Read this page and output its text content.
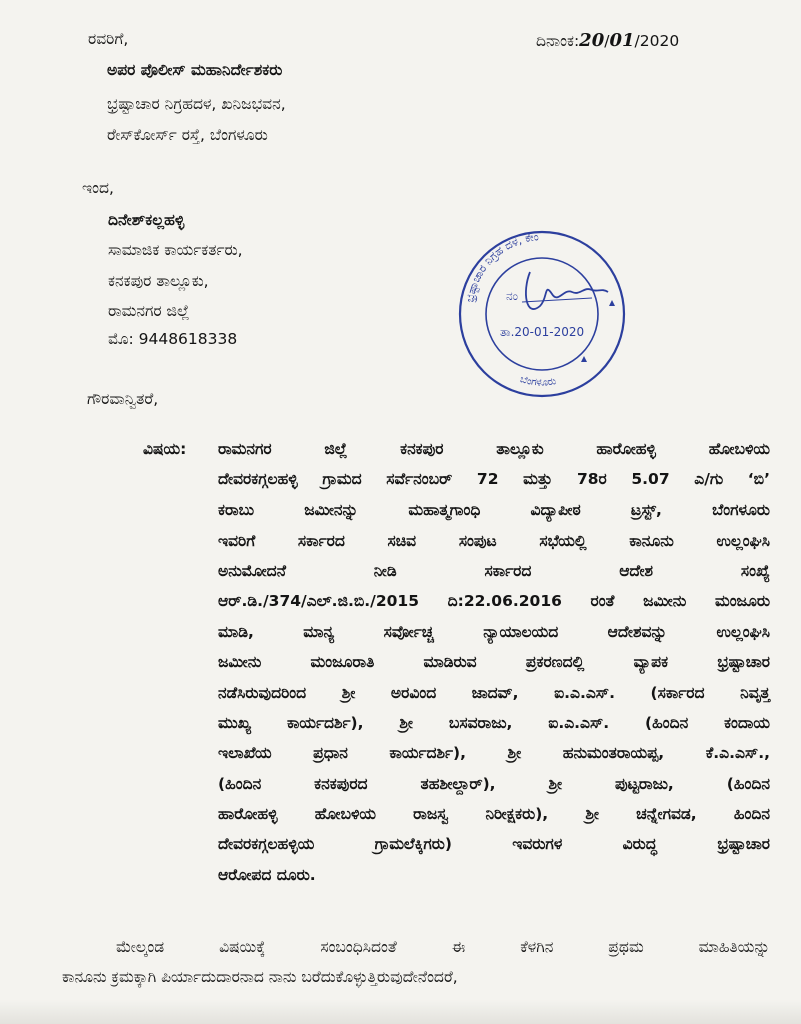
ರವರಿಗೆ,	ದಿನಾಂಕ:20/01/2020
ಅಪರ ಪೊಲೀಸ್ ಮಹಾನಿರ್ದೇಶಕರು
ಭ್ರಷ್ಟಾಚಾರ ನಿಗ್ರಹದಳ, ಖನಿಜಭವನ,
ರೇಸ್‌ಕೋರ್ಸ್ ರಸ್ತೆ, ಬೆಂಗಳೂರು
ಇಂದ,
ದಿನೇಶ್‌ಕಲ್ಲಹಳ್ಳಿ
ಸಾಮಾಜಿಕ ಕಾರ್ಯಕರ್ತರು,
ಕನಕಪುರ ತಾಲ್ಲೂಕು,
ರಾಮನಗರ ಜಿಲ್ಲೆ
ಮೊ: 9448618338
ಭ್ರಷ್ಟಾಚಾರ ನಿಗ್ರಹ ದಳ, ಕೇಂ
ಬೆಂಗಳೂರು
ನಂ
ತಾ.20-01-2020
ಗೌರವಾನ್ವಿತರೆ,
ವಿಷಯ: ರಾಮನಗರ ಜಿಲ್ಲೆ ಕನಕಪುರ ತಾಲ್ಲೂಕು ಹಾರೋಹಳ್ಳಿ ಹೋಬಳಿಯ
ದೇವರಕಗ್ಗಲಹಳ್ಳಿ ಗ್ರಾಮದ ಸರ್ವೆನಂಬರ್ 72 ಮತ್ತು 78ರ 5.07 ಎ/ಗು ‘ಬಿ’
ಕರಾಬು ಜಮೀನನ್ನು ಮಹಾತ್ಮಗಾಂಧಿ ವಿದ್ಯಾಪೀಠ ಟ್ರಸ್ಟ್, ಬೆಂಗಳೂರು
ಇವರಿಗೆ ಸರ್ಕಾರದ ಸಚಿವ ಸಂಪುಟ ಸಭೆಯಲ್ಲಿ ಕಾನೂನು ಉಲ್ಲಂಘಿಸಿ
ಅನುಮೋದನೆ ನೀಡಿ ಸರ್ಕಾರದ ಆದೇಶ ಸಂಖ್ಯೆ
ಆರ್.ಡಿ./374/ಎಲ್.ಜಿ.ಬಿ./2015 ದಿ:22.06.2016 ರಂತೆ ಜಮೀನು ಮಂಜೂರು
ಮಾಡಿ, ಮಾನ್ಯ ಸರ್ವೋಚ್ಚ ನ್ಯಾಯಾಲಯದ ಆದೇಶವನ್ನು ಉಲ್ಲಂಘಿಸಿ
ಜಮೀನು ಮಂಜೂರಾತಿ ಮಾಡಿರುವ ಪ್ರಕರಣದಲ್ಲಿ ವ್ಯಾಪಕ ಭ್ರಷ್ಟಾಚಾರ
ನಡೆಸಿರುವುದರಿಂದ ಶ್ರೀ ಅರವಿಂದ ಜಾದವ್, ಐ.ಎ.ಎಸ್. (ಸರ್ಕಾರದ ನಿವೃತ್ತ
ಮುಖ್ಯ ಕಾರ್ಯದರ್ಶಿ), ಶ್ರೀ ಬಸವರಾಜು, ಐ.ಎ.ಎಸ್. (ಹಿಂದಿನ ಕಂದಾಯ
ಇಲಾಖೆಯ ಪ್ರಧಾನ ಕಾರ್ಯದರ್ಶಿ), ಶ್ರೀ ಹನುಮಂತರಾಯಪ್ಪ, ಕೆ.ಎ.ಎಸ್.,
(ಹಿಂದಿನ ಕನಕಪುರದ ತಹಶೀಲ್ದಾರ್), ಶ್ರೀ ಪುಟ್ಟರಾಜು, (ಹಿಂದಿನ
ಹಾರೋಹಳ್ಳಿ ಹೋಬಳಿಯ ರಾಜಸ್ವ ನಿರೀಕ್ಷಕರು), ಶ್ರೀ ಚನ್ನೇಗವಡ, ಹಿಂದಿನ
ದೇವರಕಗ್ಗಲಹಳ್ಳಿಯ ಗ್ರಾಮಲೆಕ್ಕಿಗರು) ಇವರುಗಳ ವಿರುದ್ಧ ಭ್ರಷ್ಟಾಚಾರ
ಆರೋಪದ ದೂರು.
ಮೇಲ್ಕಂಡ ವಿಷಯಿಕ್ಕೆ ಸಂಬಂಧಿಸಿದಂತೆ ಈ ಕೆಳಗಿನ ಪ್ರಥಮ ಮಾಹಿತಿಯನ್ನು
ಕಾನೂನು ಕ್ರಮಕ್ಕಾಗಿ ಪಿರ್ಯಾದುದಾರನಾದ ನಾನು ಬರೆದುಕೊಳ್ಳುತ್ತಿರುವುದೇನೆಂದರೆ,
